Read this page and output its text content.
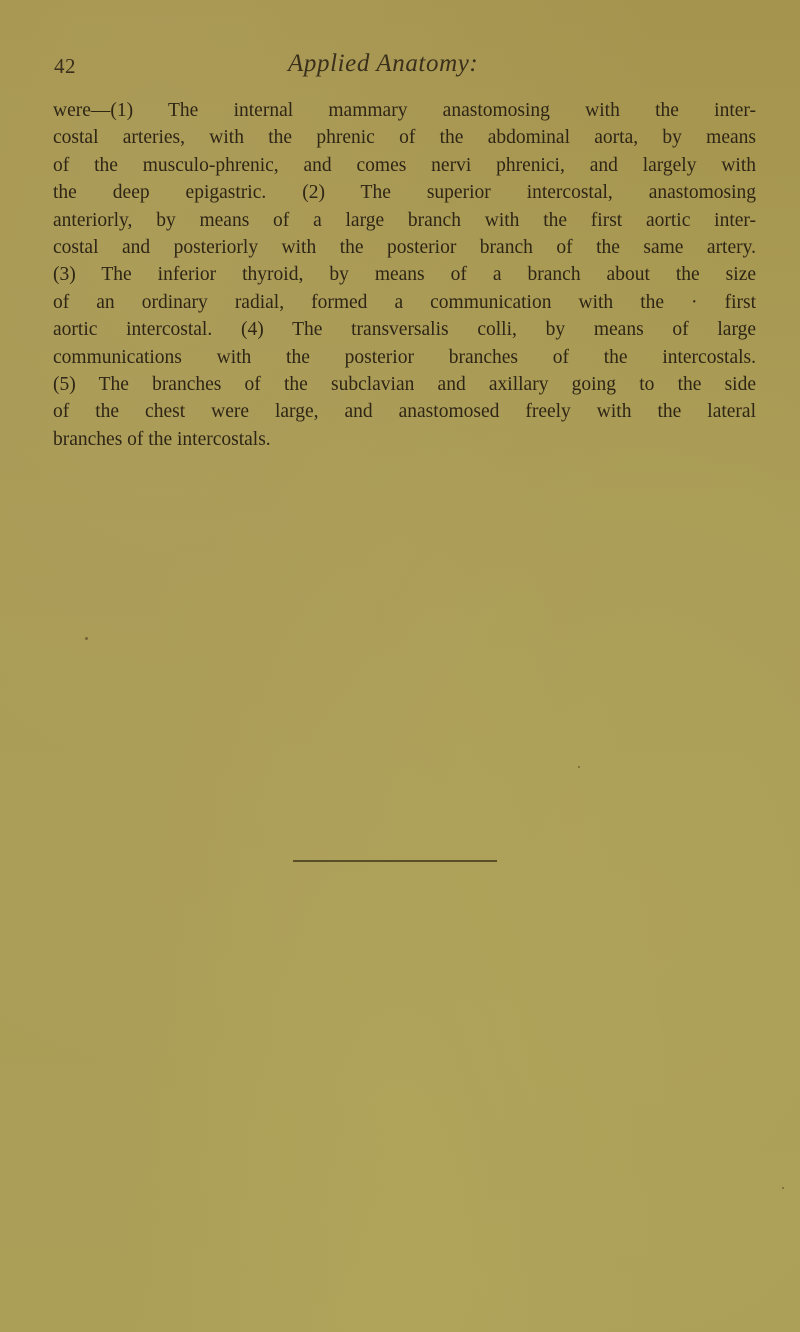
42	Applied Anatomy:
were—(1) The internal mammary anastomosing with the inter-
costal arteries, with the phrenic of the abdominal aorta, by means
of the musculo-phrenic, and comes nervi phrenici, and largely with
the deep epigastric. (2) The superior intercostal, anastomosing
anteriorly, by means of a large branch with the first aortic inter-
costal and posteriorly with the posterior branch of the same artery.
(3) The inferior thyroid, by means of a branch about the size
of an ordinary radial, formed a communication with the · first
aortic intercostal. (4) The transversalis colli, by means of large
communications with the posterior branches of the intercostals.
(5) The branches of the subclavian and axillary going to the side
of the chest were large, and anastomosed freely with the lateral
branches of the intercostals.
